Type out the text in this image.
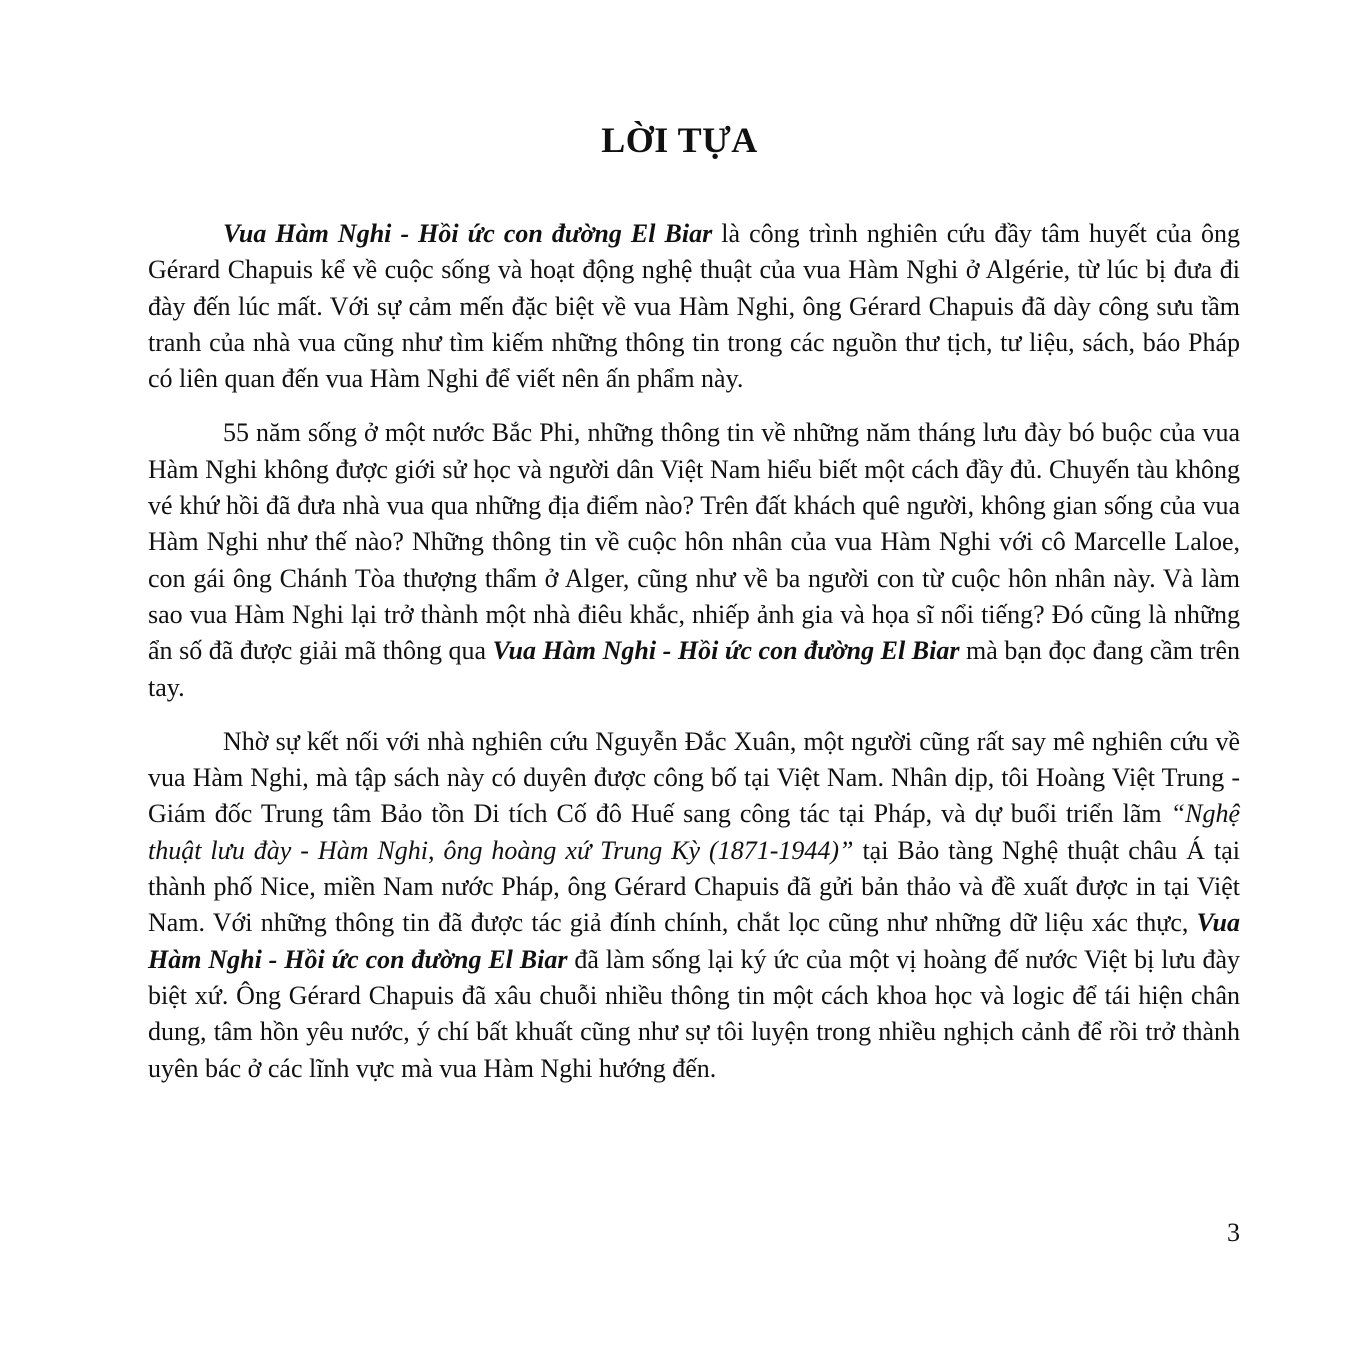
LỜI TỰA

Vua Hàm Nghi - Hồi ức con đường El Biar là công trình nghiên cứu đầy tâm huyết của ông Gérard Chapuis kể về cuộc sống và hoạt động nghệ thuật của vua Hàm Nghi ở Algérie, từ lúc bị đưa đi đày đến lúc mất. Với sự cảm mến đặc biệt về vua Hàm Nghi, ông Gérard Chapuis đã dày công sưu tầm tranh của nhà vua cũng như tìm kiếm những thông tin trong các nguồn thư tịch, tư liệu, sách, báo Pháp có liên quan đến vua Hàm Nghi để viết nên ấn phẩm này.

55 năm sống ở một nước Bắc Phi, những thông tin về những năm tháng lưu đày bó buộc của vua Hàm Nghi không được giới sử học và người dân Việt Nam hiểu biết một cách đầy đủ. Chuyến tàu không vé khứ hồi đã đưa nhà vua qua những địa điểm nào? Trên đất khách quê người, không gian sống của vua Hàm Nghi như thế nào? Những thông tin về cuộc hôn nhân của vua Hàm Nghi với cô Marcelle Laloe, con gái ông Chánh Tòa thượng thẩm ở Alger, cũng như về ba người con từ cuộc hôn nhân này. Và làm sao vua Hàm Nghi lại trở thành một nhà điêu khắc, nhiếp ảnh gia và họa sĩ nổi tiếng? Đó cũng là những ẩn số đã được giải mã thông qua Vua Hàm Nghi - Hồi ức con đường El Biar mà bạn đọc đang cầm trên tay.

Nhờ sự kết nối với nhà nghiên cứu Nguyễn Đắc Xuân, một người cũng rất say mê nghiên cứu về vua Hàm Nghi, mà tập sách này có duyên được công bố tại Việt Nam. Nhân dịp, tôi Hoàng Việt Trung - Giám đốc Trung tâm Bảo tồn Di tích Cố đô Huế sang công tác tại Pháp, và dự buổi triển lãm “Nghệ thuật lưu đày - Hàm Nghi, ông hoàng xứ Trung Kỳ (1871-1944)” tại Bảo tàng Nghệ thuật châu Á tại thành phố Nice, miền Nam nước Pháp, ông Gérard Chapuis đã gửi bản thảo và đề xuất được in tại Việt Nam. Với những thông tin đã được tác giả đính chính, chắt lọc cũng như những dữ liệu xác thực, Vua Hàm Nghi - Hồi ức con đường El Biar đã làm sống lại ký ức của một vị hoàng đế nước Việt bị lưu đày biệt xứ. Ông Gérard Chapuis đã xâu chuỗi nhiều thông tin một cách khoa học và logic để tái hiện chân dung, tâm hồn yêu nước, ý chí bất khuất cũng như sự tôi luyện trong nhiều nghịch cảnh để rồi trở thành uyên bác ở các lĩnh vực mà vua Hàm Nghi hướng đến.

3
